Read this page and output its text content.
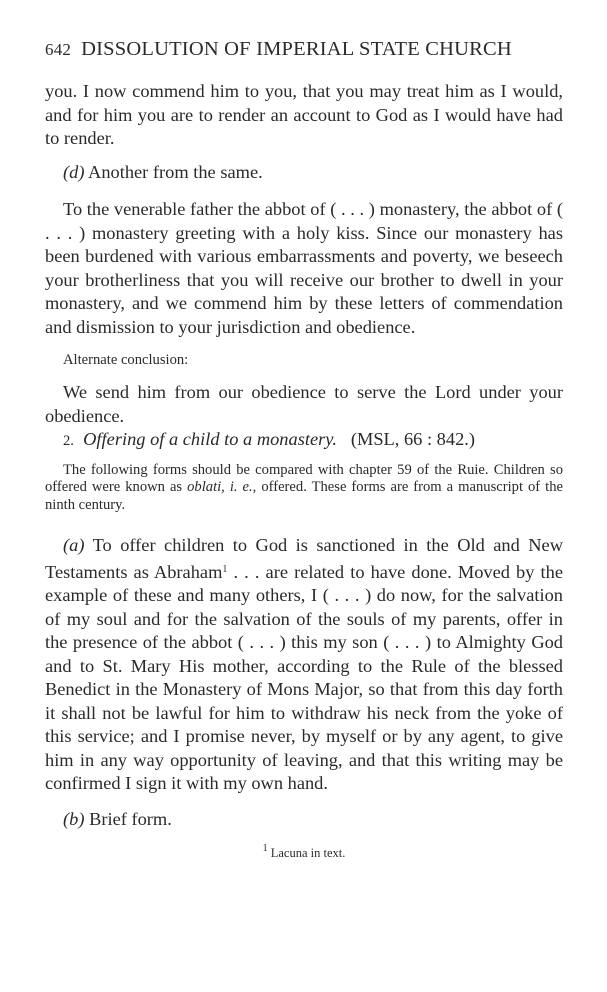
642 DISSOLUTION OF IMPERIAL STATE CHURCH

you. I now commend him to you, that you may treat him as I would, and for him you are to render an account to God as I would have had to render.

(d) Another from the same.

To the venerable father the abbot of ( . . . ) monastery, the abbot of ( . . . ) monastery greeting with a holy kiss. Since our monastery has been burdened with various embarrassments and poverty, we beseech your brotherliness that you will receive our brother to dwell in your monastery, and we commend him by these letters of commendation and dismission to your jurisdiction and obedience.

Alternate conclusion:

We send him from our obedience to serve the Lord under your obedience.

2. Offering of a child to a monastery. (MSL, 66 : 842.)

The following forms should be compared with chapter 59 of the Ruie. Children so offered were known as oblati, i. e., offered. These forms are from a manuscript of the ninth century.

(a) To offer children to God is sanctioned in the Old and New Testaments as Abraham$^1$ . . . are related to have done. Moved by the example of these and many others, I ( . . . ) do now, for the salvation of my soul and for the salvation of the souls of my parents, offer in the presence of the abbot ( . . . ) this my son ( . . . ) to Almighty God and to St. Mary His mother, according to the Rule of the blessed Benedict in the Monastery of Mons Major, so that from this day forth it shall not be lawful for him to withdraw his neck from the yoke of this service; and I promise never, by myself or by any agent, to give him in any way opportunity of leaving, and that this writing may be confirmed I sign it with my own hand.

(b) Brief form.

$^1$ Lacuna in text.
